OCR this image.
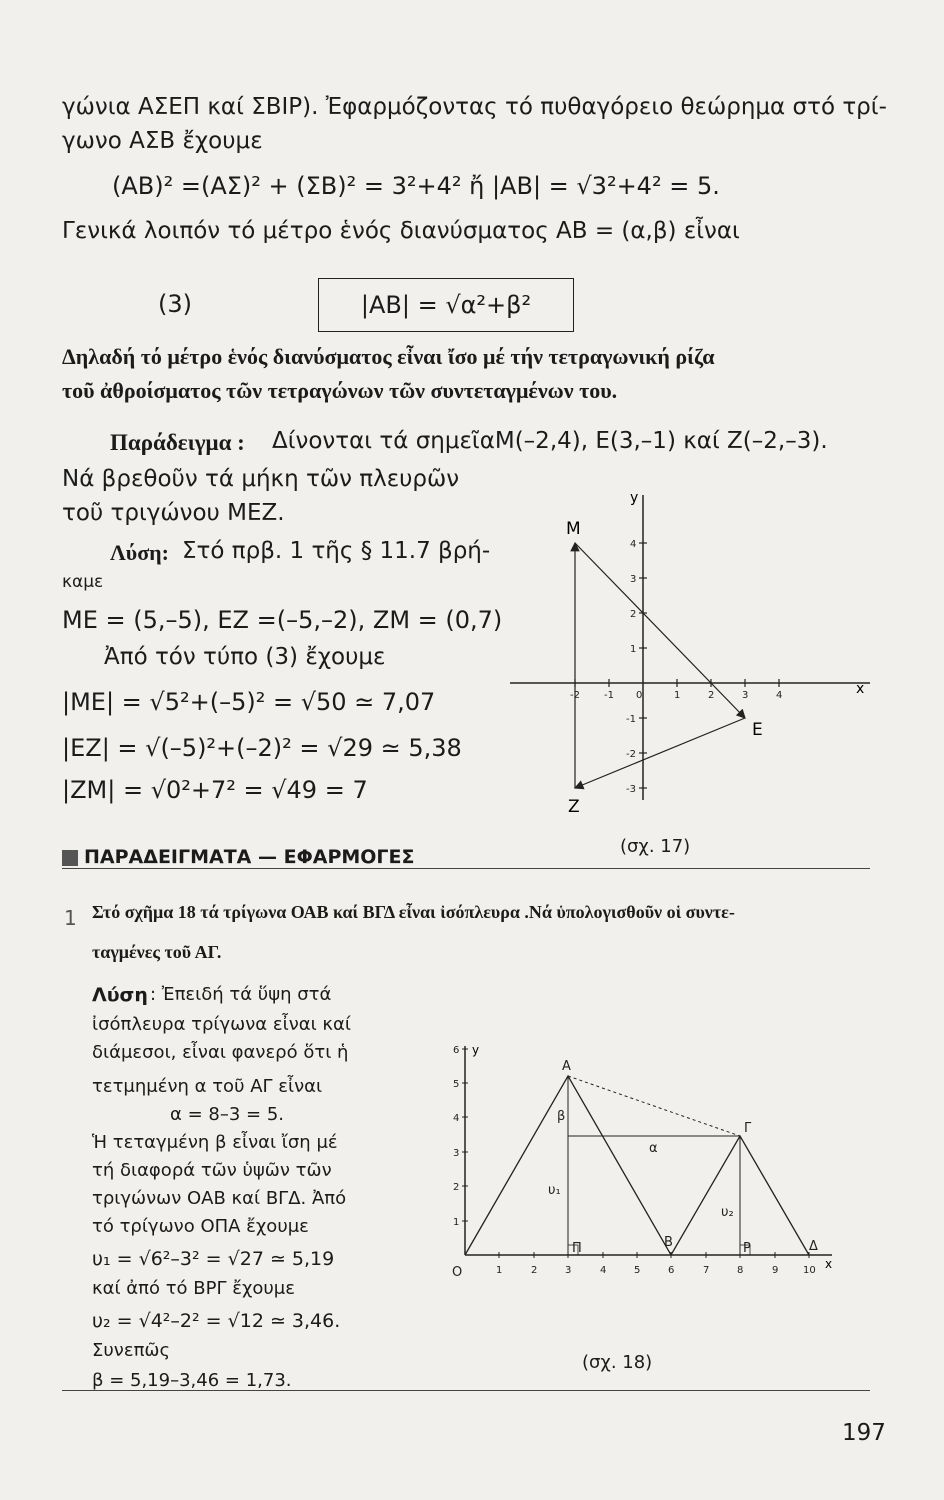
γώνια ΑΣΕΠ καί ΣΒΙΡ). Ἐφαρμόζοντας τό πυθαγόρειο θεώρημα στό τρί-
γωνο ΑΣΒ ἔχουμε
(ΑΒ)² =(ΑΣ)² + (ΣΒ)² = 3²+4² ἤ |ΑΒ| = √3²+4² = 5.
Γενικά λοιπόν τό μέτρο ἑνός διανύσματος ΑΒ = (α,β) εἶναι
(3)	|ΑΒ| = √α²+β²
Δηλαδή τό μέτρο ἑνός διανύσματος εἶναι ἴσο μέ τήν τετραγωνική ρίζα
τοῦ ἀθροίσματος τῶν τετραγώνων τῶν συντεταγμένων του.
Παράδειγμα : Δίνονται τά σημεῖαΜ(–2,4), Ε(3,–1) καί Ζ(–2,–3).
Νά βρεθοῦν τά μήκη τῶν πλευρῶν
τοῦ τριγώνου ΜΕΖ.
Λύση: Στό πρβ. 1 τῆς § 11.7 βρή-
καμε
ΜΕ = (5,–5), ΕΖ =(–5,–2), ΖΜ = (0,7)
Ἀπό τόν τύπο (3) ἔχουμε
|ΜΕ| = √5²+(–5)² = √50 ≃ 7,07
|ΕΖ| = √(–5)²+(–2)² = √29 ≃ 5,38
|ΖΜ| = √0²+7² = √49 = 7
-2 -1 0	1	2	3	4
4
3
2
1
-1
-2
-3
x
y
Μ
Ε
Ζ
(σχ. 17)
ΠΑΡΑΔΕΙΓΜΑΤΑ — ΕΦΑΡΜΟΓΕΣ
1 Στό σχῆμα 18 τά τρίγωνα ΟΑΒ καί ΒΓΔ εἶναι ἰσόπλευρα .Νά ὑπολογισθοῦν οἱ συντε-
ταγμένες τοῦ ΑΓ.
Λύση : Ἐπειδή τά ὕψη στά
ἰσόπλευρα τρίγωνα εἶναι καί
διάμεσοι, εἶναι φανερό ὅτι ἡ
τετμημένη α τοῦ ΑΓ εἶναι
α = 8–3 = 5.
Ἡ τεταγμένη β εἶναι ἴση μέ
τή διαφορά τῶν ὑψῶν τῶν
τριγώνων ΟΑΒ καί ΒΓΔ. Ἀπό
τό τρίγωνο ΟΠΑ ἔχουμε
υ₁ = √6²–3² = √27 ≃ 5,19
καί ἀπό τό ΒΡΓ ἔχουμε
υ₂ = √4²–2² = √12 ≃ 3,46.
Συνεπῶς
β = 5,19–3,46 = 1,73.
1	2	3	4	5	6	7	8	9 10
1
2
3
4
5
6
x
y
Ο
Α
Β
Γ
Δ
Π	Ρ
α
β
υ₁
υ₂
(σχ. 18)
197
